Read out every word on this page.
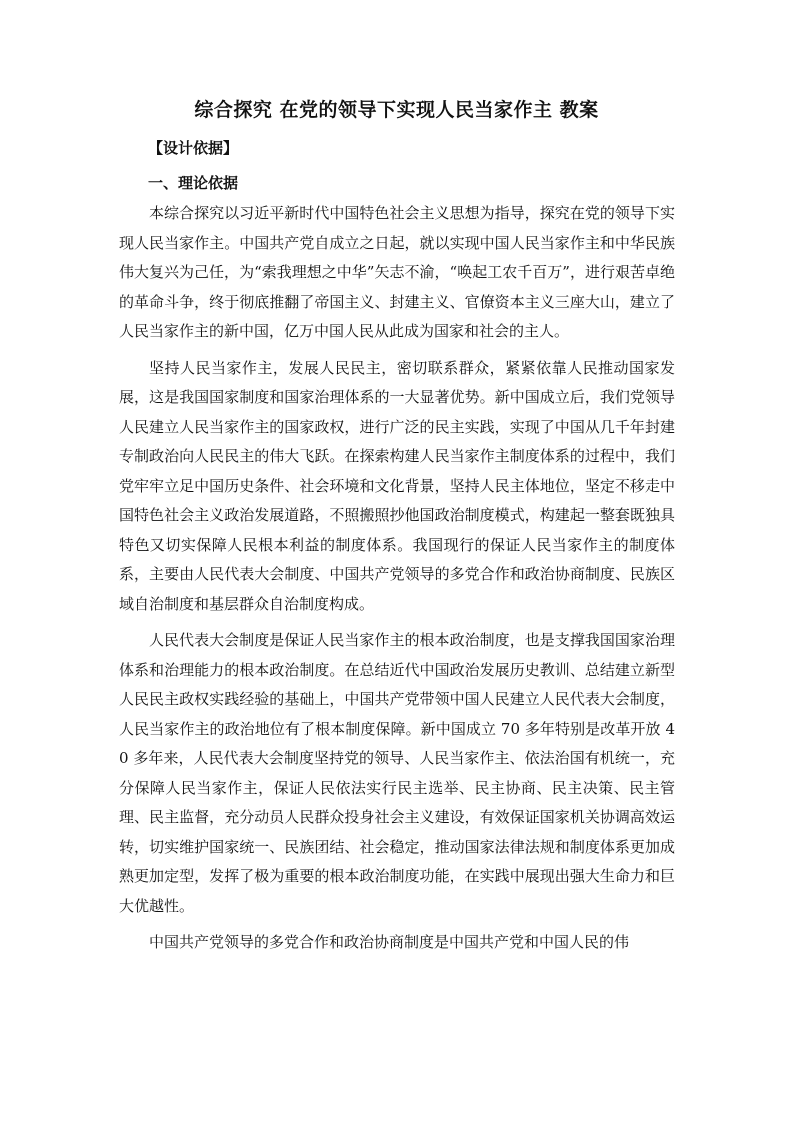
综合探究 在党的领导下实现人民当家作主 教案
【设计依据】
一、理论依据

本综合探究以习近平新时代中国特色社会主义思想为指导，探究在党的领导下实现人民当家作主。中国共产党自成立之日起，就以实现中国人民当家作主和中华民族伟大复兴为己任，为“索我理想之中华”矢志不渝，“唤起工农千百万”，进行艰苦卓绝的革命斗争，终于彻底推翻了帝国主义、封建主义、官僚资本主义三座大山，建立了人民当家作主的新中国，亿万中国人民从此成为国家和社会的主人。

坚持人民当家作主，发展人民民主，密切联系群众，紧紧依靠人民推动国家发展，这是我国国家制度和国家治理体系的一大显著优势。新中国成立后，我们党领导人民建立人民当家作主的国家政权，进行广泛的民主实践，实现了中国从几千年封建专制政治向人民民主的伟大飞跃。在探索构建人民当家作主制度体系的过程中，我们党牢牢立足中国历史条件、社会环境和文化背景，坚持人民主体地位，坚定不移走中国特色社会主义政治发展道路，不照搬照抄他国政治制度模式，构建起一整套既独具特色又切实保障人民根本利益的制度体系。我国现行的保证人民当家作主的制度体系，主要由人民代表大会制度、中国共产党领导的多党合作和政治协商制度、民族区域自治制度和基层群众自治制度构成。

人民代表大会制度是保证人民当家作主的根本政治制度，也是支撑我国国家治理体系和治理能力的根本政治制度。在总结近代中国政治发展历史教训、总结建立新型人民民主政权实践经验的基础上，中国共产党带领中国人民建立人民代表大会制度，人民当家作主的政治地位有了根本制度保障。新中国成立 70 多年特别是改革开放 40 多年来，人民代表大会制度坚持党的领导、人民当家作主、依法治国有机统一，充分保障人民当家作主，保证人民依法实行民主选举、民主协商、民主决策、民主管理、民主监督，充分动员人民群众投身社会主义建设，有效保证国家机关协调高效运转，切实维护国家统一、民族团结、社会稳定，推动国家法律法规和制度体系更加成熟更加定型，发挥了极为重要的根本政治制度功能，在实践中展现出强大生命力和巨大优越性。

中国共产党领导的多党合作和政治协商制度是中国共产党和中国人民的伟
